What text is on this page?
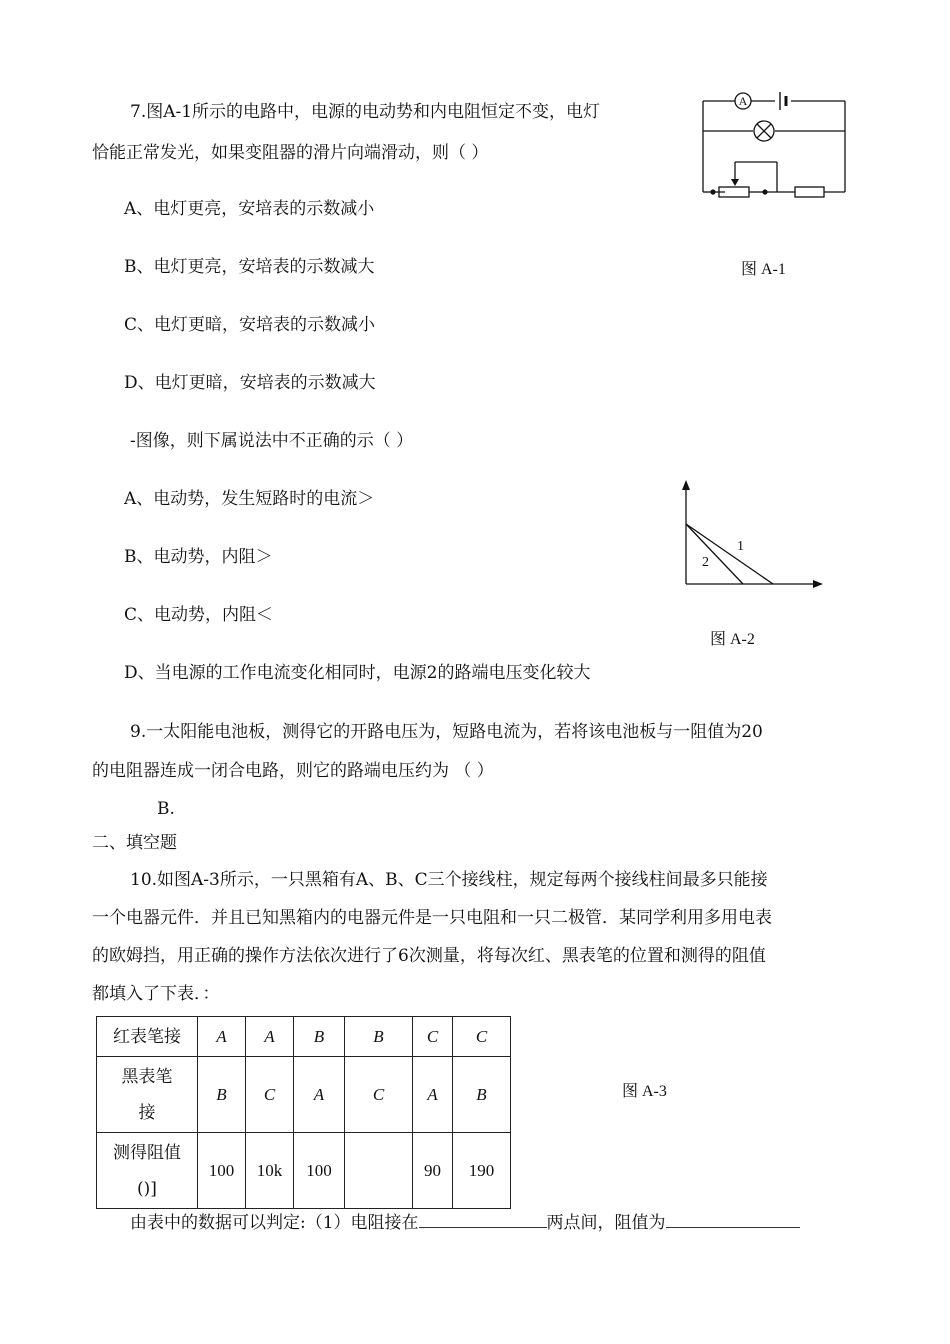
7.图A-1所示的电路中，电源的电动势和内电阻恒定不变，电灯
恰能正常发光，如果变阻器的滑片向端滑动，则（ ）
A、电灯更亮，安培表的示数减小
B、电灯更亮，安培表的示数减大
C、电灯更暗，安培表的示数减小
D、电灯更暗，安培表的示数减大
A
图 A-1
-图像，则下属说法中不正确的示（ ）
A、电动势，发生短路时的电流＞
B、电动势，内阻＞
C、电动势，内阻＜
D、当电源的工作电流变化相同时，电源2的路端电压变化较大
1
2
图 A-2
9.一太阳能电池板，测得它的开路电压为，短路电流为，若将该电池板与一阻值为20
的电阻器连成一闭合电路，则它的路端电压约为 （ ）
B.
二、填空题
10.如图A-3所示，一只黑箱有A、B、C三个接线柱，规定每两个接线柱间最多只能接
一个电器元件．并且已知黑箱内的电器元件是一只电阻和一只二极管．某同学利用多用电表
的欧姆挡，用正确的操作方法依次进行了6次测量，将每次红、黑表笔的位置和测得的阻值
都填入了下表．：
红表笔接	A	A	B	B	C	C

黑表笔
接	B	C	A	C	A	B

测得阻值
()]	100	10k	100		90	190
图 A-3
由表中的数据可以判定:（1）电阻接在	两点间，阻值为
